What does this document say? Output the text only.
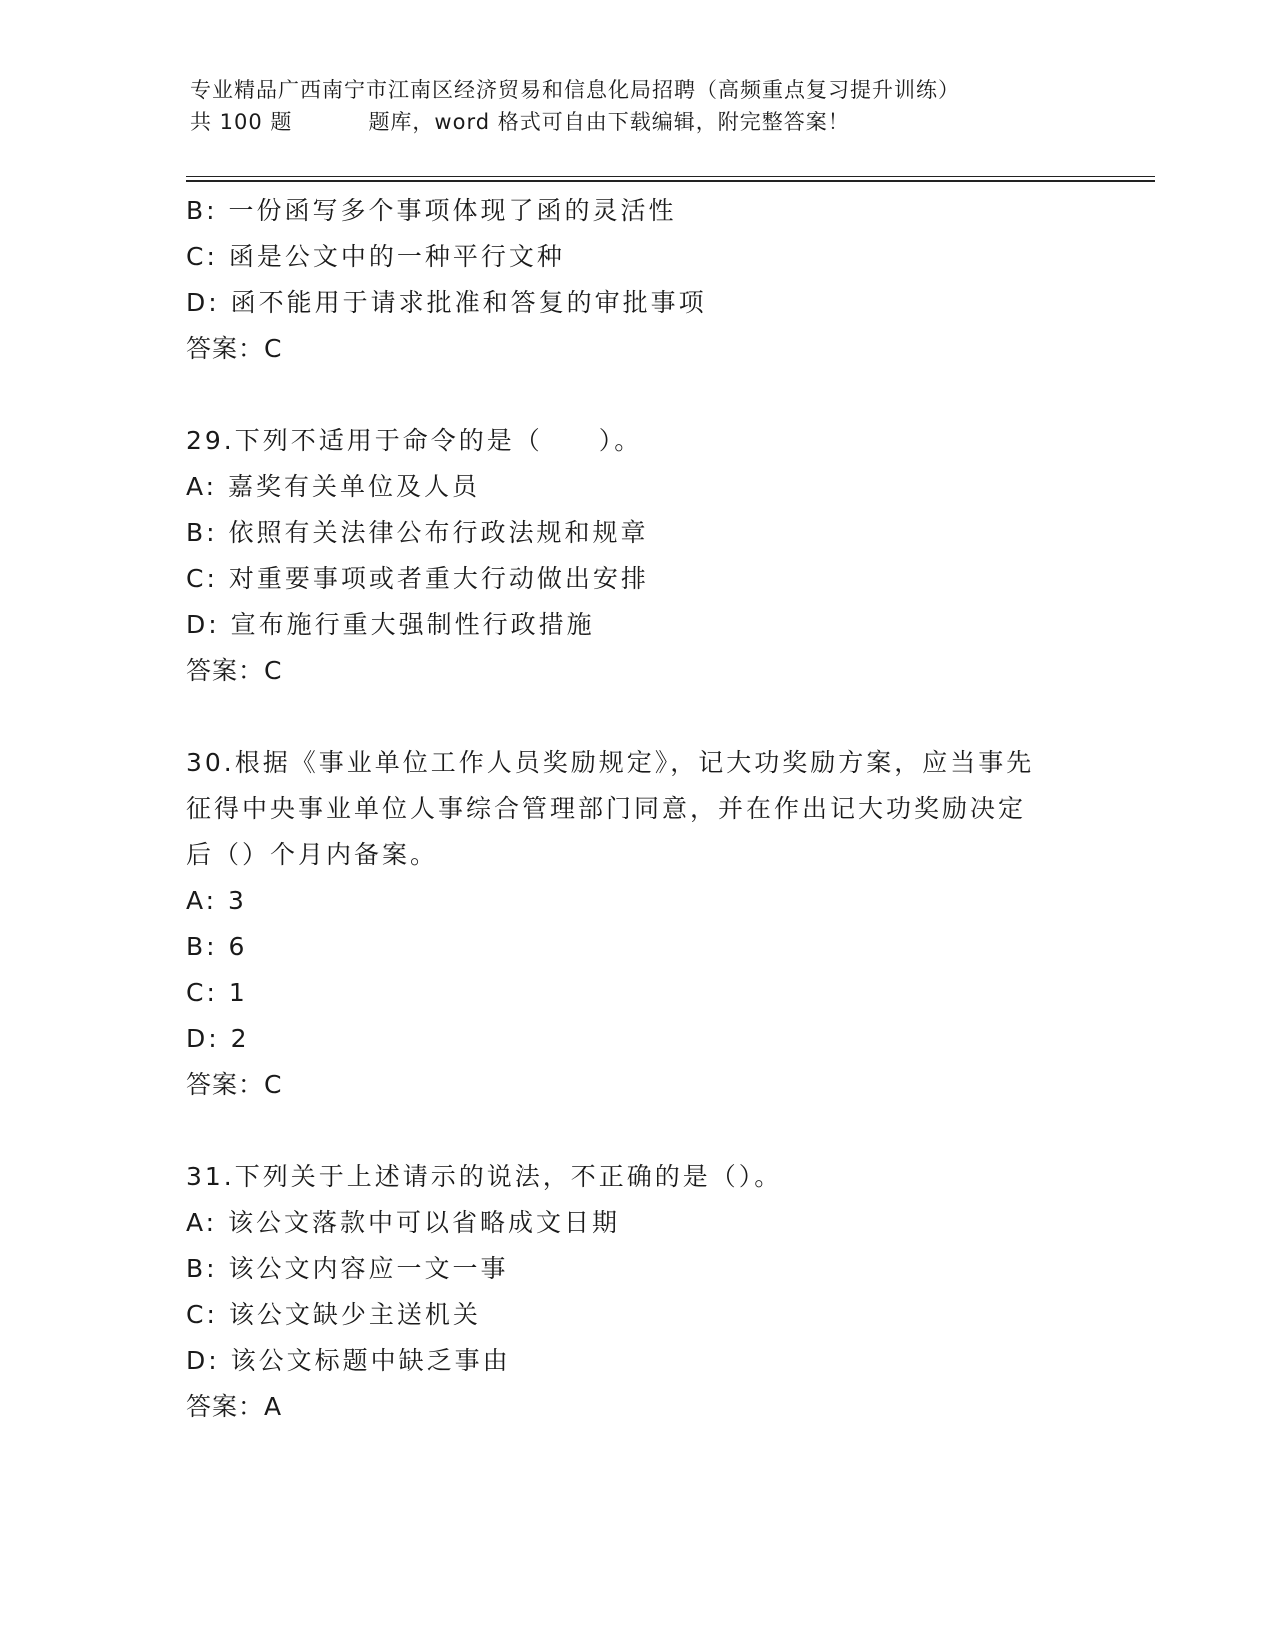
专业精品广西南宁市江南区经济贸易和信息化局招聘（高频重点复习提升训练）
共 100 题	题库，word 格式可自由下载编辑，附完整答案！
B: 一份函写多个事项体现了函的灵活性
C: 函是公文中的一种平行文种
D: 函不能用于请求批准和答复的审批事项
答案：C
29.下列不适用于命令的是（　　）。
A: 嘉奖有关单位及人员
B: 依照有关法律公布行政法规和规章
C: 对重要事项或者重大行动做出安排
D: 宣布施行重大强制性行政措施
答案：C
30.根据《事业单位工作人员奖励规定》，记大功奖励方案，应当事先
征得中央事业单位人事综合管理部门同意，并在作出记大功奖励决定
后（）个月内备案。
A: 3
B: 6
C: 1
D: 2
答案：C
31.下列关于上述请示的说法，不正确的是（）。
A: 该公文落款中可以省略成文日期
B: 该公文内容应一文一事
C: 该公文缺少主送机关
D: 该公文标题中缺乏事由
答案：A
